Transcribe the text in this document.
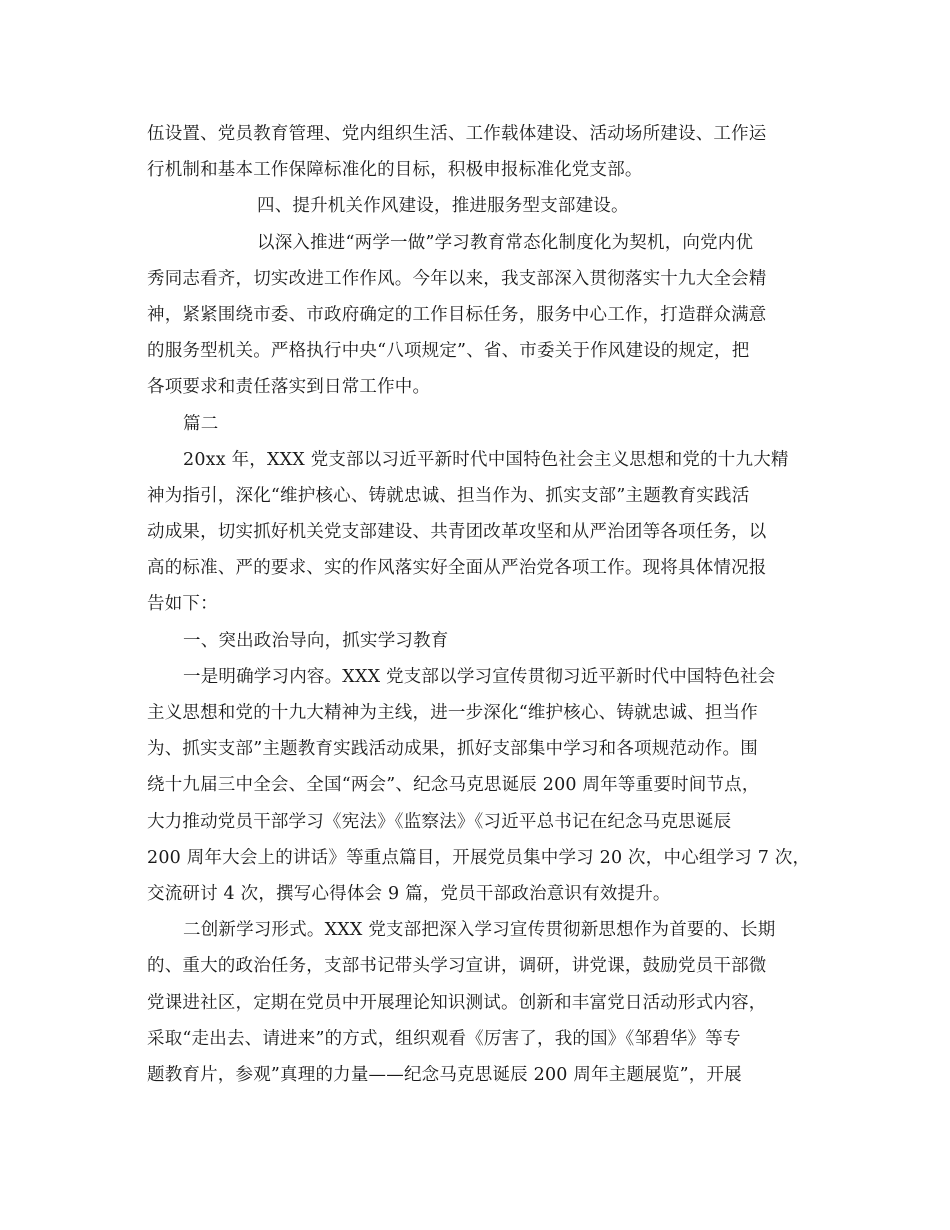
伍设置、党员教育管理、党内组织生活、工作载体建设、活动场所建设、工作运
行机制和基本工作保障标准化的目标，积极申报标准化党支部。
四、提升机关作风建设，推进服务型支部建设。
以深入推进“两学一做”学习教育常态化制度化为契机，向党内优
秀同志看齐，切实改进工作作风。今年以来，我支部深入贯彻落实十九大全会精
神，紧紧围绕市委、市政府确定的工作目标任务，服务中心工作，打造群众满意
的服务型机关。严格执行中央“八项规定”、省、市委关于作风建设的规定，把
各项要求和责任落实到日常工作中。
篇二
20xx 年，XXX 党支部以习近平新时代中国特色社会主义思想和党的十九大精
神为指引，深化“维护核心、铸就忠诚、担当作为、抓实支部”主题教育实践活
动成果，切实抓好机关党支部建设、共青团改革攻坚和从严治团等各项任务，以
高的标准、严的要求、实的作风落实好全面从严治党各项工作。现将具体情况报
告如下：
一、突出政治导向，抓实学习教育
一是明确学习内容。XXX 党支部以学习宣传贯彻习近平新时代中国特色社会
主义思想和党的十九大精神为主线，进一步深化“维护核心、铸就忠诚、担当作
为、抓实支部”主题教育实践活动成果，抓好支部集中学习和各项规范动作。围
绕十九届三中全会、全国“两会”、纪念马克思诞辰 200 周年等重要时间节点，
大力推动党员干部学习《宪法》《监察法》《习近平总书记在纪念马克思诞辰
200 周年大会上的讲话》等重点篇目，开展党员集中学习 20 次，中心组学习 7 次，
交流研讨 4 次，撰写心得体会 9 篇，党员干部政治意识有效提升。
二创新学习形式。XXX 党支部把深入学习宣传贯彻新思想作为首要的、长期
的、重大的政治任务，支部书记带头学习宣讲，调研，讲党课，鼓励党员干部微
党课进社区，定期在党员中开展理论知识测试。创新和丰富党日活动形式内容，
采取“走出去、请进来”的方式，组织观看《厉害了，我的国》《邹碧华》等专
题教育片，参观”真理的力量——纪念马克思诞辰 200 周年主题展览”，开展
